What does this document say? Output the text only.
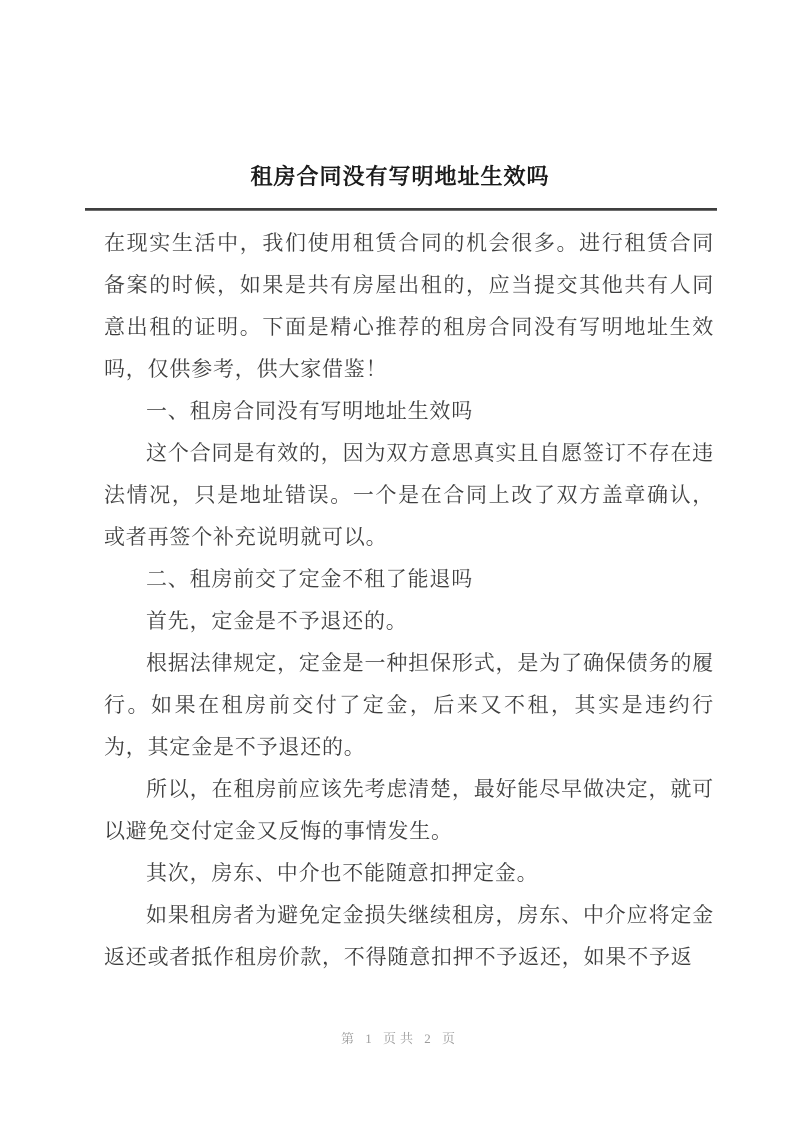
租房合同没有写明地址生效吗

在现实生活中，我们使用租赁合同的机会很多。进行租赁合同备案的时候，如果是共有房屋出租的，应当提交其他共有人同意出租的证明。下面是精心推荐的租房合同没有写明地址生效吗，仅供参考，供大家借鉴！

一、租房合同没有写明地址生效吗

这个合同是有效的，因为双方意思真实且自愿签订不存在违法情况，只是地址错误。一个是在合同上改了双方盖章确认，或者再签个补充说明就可以。

二、租房前交了定金不租了能退吗

首先，定金是不予退还的。

根据法律规定，定金是一种担保形式，是为了确保债务的履行。如果在租房前交付了定金，后来又不租，其实是违约行为，其定金是不予退还的。

所以，在租房前应该先考虑清楚，最好能尽早做决定，就可以避免交付定金又反悔的事情发生。

其次，房东、中介也不能随意扣押定金。

如果租房者为避免定金损失继续租房，房东、中介应将定金返还或者抵作租房价款，不得随意扣押不予返还，如果不予返

第 1 页共 2 页
